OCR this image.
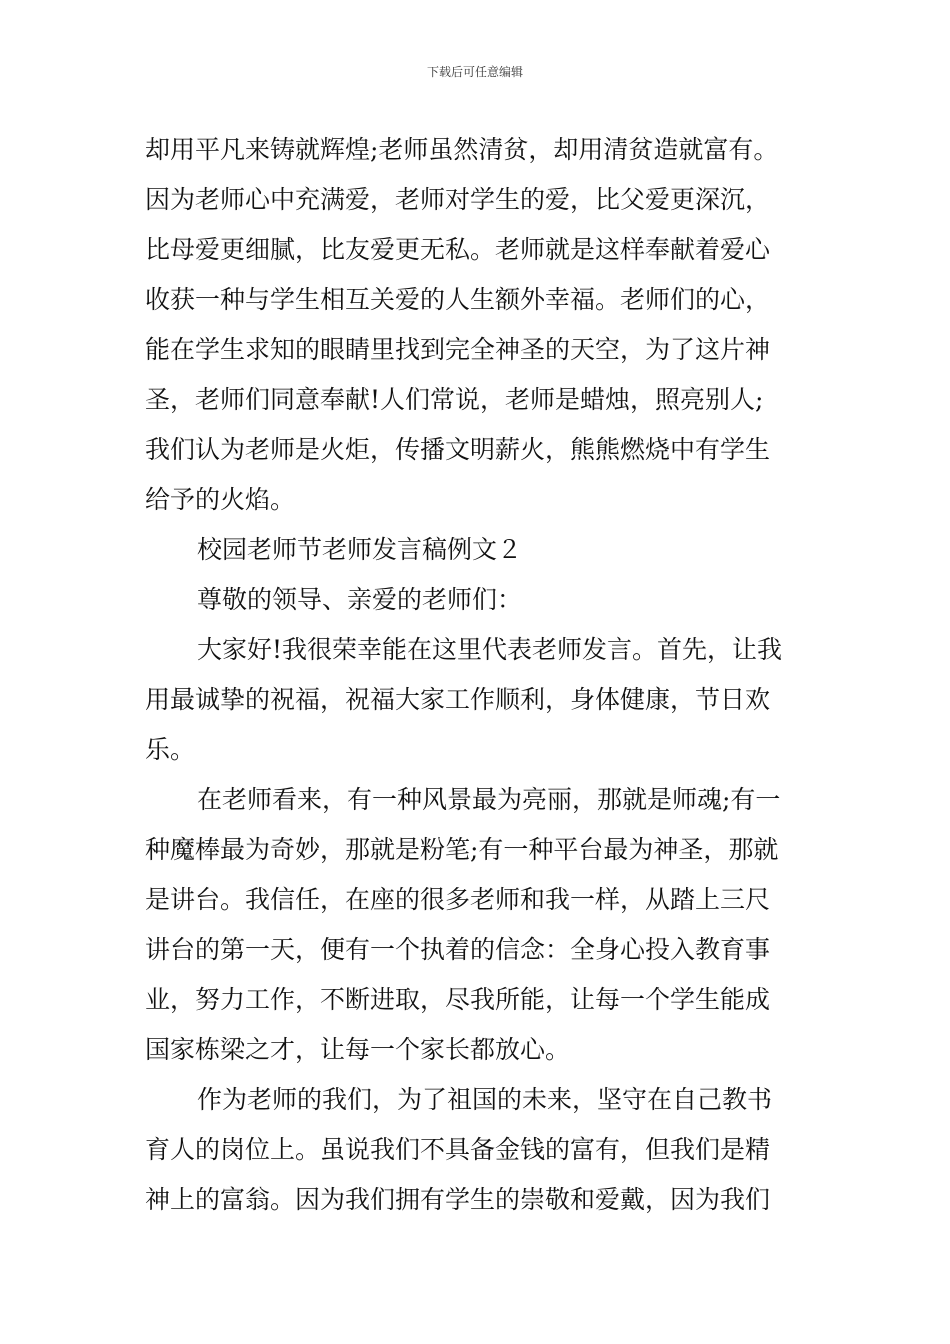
下载后可任意编辑
却用平凡来铸就辉煌;老师虽然清贫，却用清贫造就富有。
因为老师心中充满爱，老师对学生的爱，比父爱更深沉，
比母爱更细腻，比友爱更无私。老师就是这样奉献着爱心
收获一种与学生相互关爱的人生额外幸福。老师们的心，
能在学生求知的眼睛里找到完全神圣的天空，为了这片神
圣，老师们同意奉献!人们常说，老师是蜡烛，照亮别人;
我们认为老师是火炬，传播文明薪火，熊熊燃烧中有学生
给予的火焰。
校园老师节老师发言稿例文２
尊敬的领导、亲爱的老师们：
大家好!我很荣幸能在这里代表老师发言。首先，让我
用最诚挚的祝福，祝福大家工作顺利，身体健康，节日欢
乐。
在老师看来，有一种风景最为亮丽，那就是师魂;有一
种魔棒最为奇妙，那就是粉笔;有一种平台最为神圣，那就
是讲台。我信任，在座的很多老师和我一样，从踏上三尺
讲台的第一天，便有一个执着的信念：全身心投入教育事
业，努力工作，不断进取，尽我所能，让每一个学生能成
国家栋梁之才，让每一个家长都放心。
作为老师的我们，为了祖国的未来，坚守在自己教书
育人的岗位上。虽说我们不具备金钱的富有，但我们是精
神上的富翁。因为我们拥有学生的崇敬和爱戴，因为我们
